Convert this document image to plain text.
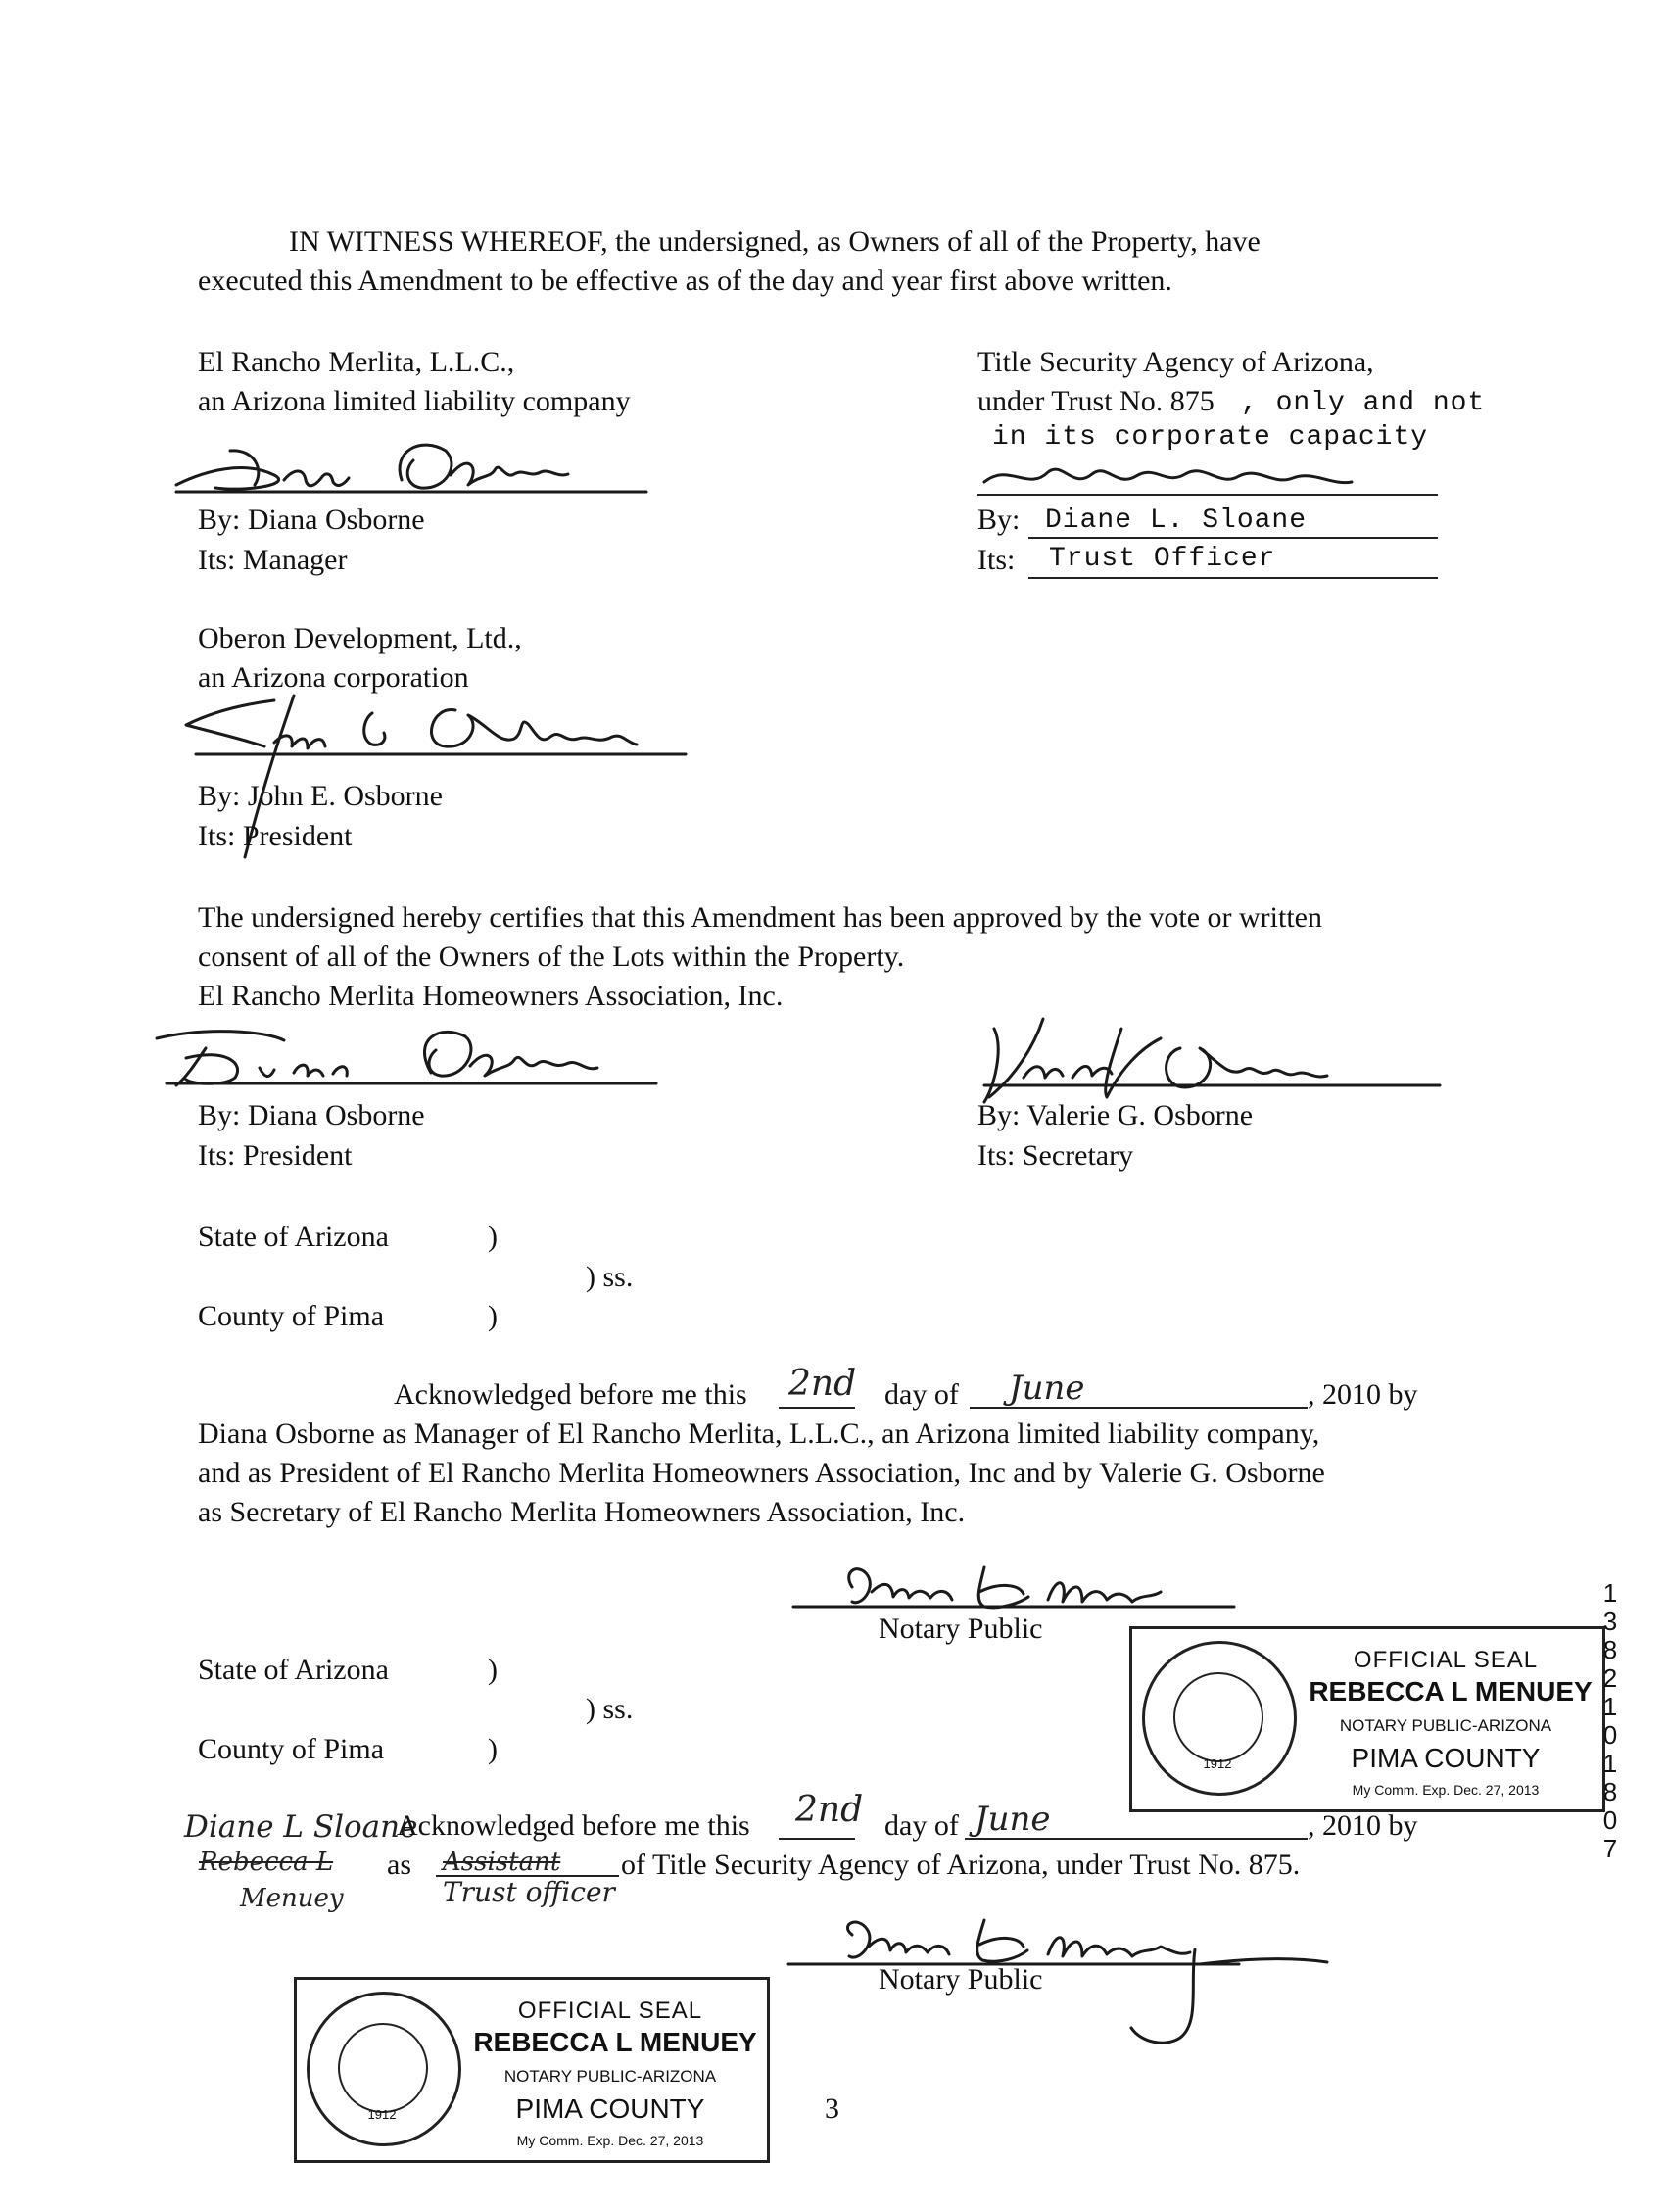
IN WITNESS WHEREOF, the undersigned, as Owners of all of the Property, have
executed this Amendment to be effective as of the day and year first above written.
El Rancho Merlita, L.L.C.,
an Arizona limited liability company
By: Diana Osborne
Its: Manager
Title Security Agency of Arizona,
under Trust No. 875 , only and not
in its corporate capacity
By: Diane L. Sloane
Its: Trust Officer
Oberon Development, Ltd.,
an Arizona corporation
By: John E. Osborne
Its: President
The undersigned hereby certifies that this Amendment has been approved by the vote or written
consent of all of the Owners of the Lots within the Property.
El Rancho Merlita Homeowners Association, Inc.
By: Diana Osborne
Its: President
By: Valerie G. Osborne
Its: Secretary
State of Arizona	)
) ss.
County of Pima	)
Acknowledged before me this 2nd day of June	, 2010 by
Diana Osborne as Manager of El Rancho Merlita, L.L.C., an Arizona limited liability company,
and as President of El Rancho Merlita Homeowners Association, Inc and by Valerie G. Osborne
as Secretary of El Rancho Merlita Homeowners Association, Inc.
Notary Public
1912
OFFICIAL SEAL
REBECCA L MENUEY
NOTARY PUBLIC-ARIZONA
PIMA COUNTY
My Comm. Exp. Dec. 27, 2013
1
3
8
2
1
0
1
8
0
7
State of Arizona	)
) ss.
County of Pima	)
Diane L Sloane
Acknowledged before me this 2nd day of June	, 2010 by
Rebecca L
Menuey
as Assistant
Trust officer
of Title Security Agency of Arizona, under Trust No. 875.
Notary Public
1912
OFFICIAL SEAL
REBECCA L MENUEY
NOTARY PUBLIC-ARIZONA
PIMA COUNTY
My Comm. Exp. Dec. 27, 2013
3
